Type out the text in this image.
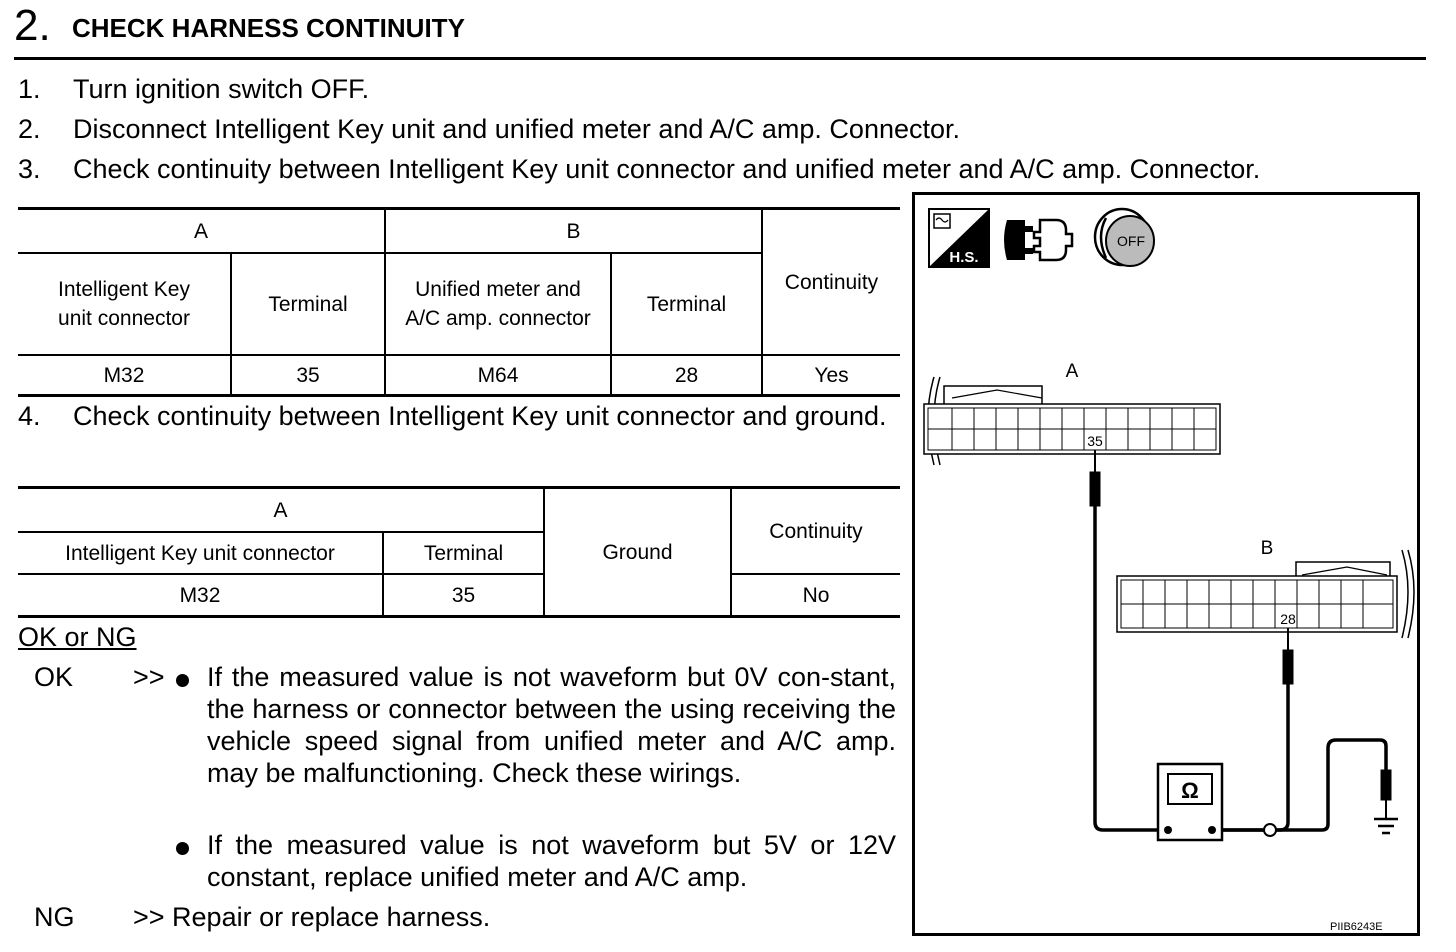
2. CHECK HARNESS CONTINUITY
1. Turn ignition switch OFF.
2. Disconnect Intelligent Key unit and unified meter and A/C amp. Connector.
3. Check continuity between Intelligent Key unit connector and unified meter and A/C amp. Connector.
A		B		Continuity
Intelligent Key unit connector	Terminal	Unified meter and A/C amp. connector	Terminal	
M32	35	M64	28	Yes
4. Check continuity between Intelligent Key unit connector and ground.
A		Ground	Continuity
Intelligent Key unit connector	Terminal		
M32	35		No
OK or NG
OK >> If the measured value is not waveform but 0V con-stant, the harness or connector between the using receiving the vehicle speed signal from unified meter and A/C amp. may be malfunctioning. Check these wirings.
If the measured value is not waveform but 5V or 12V constant, replace unified meter and A/C amp.
NG >> Repair or replace harness.
H.S.
OFF
A
35
B
28
Ω
PIIB6243E
